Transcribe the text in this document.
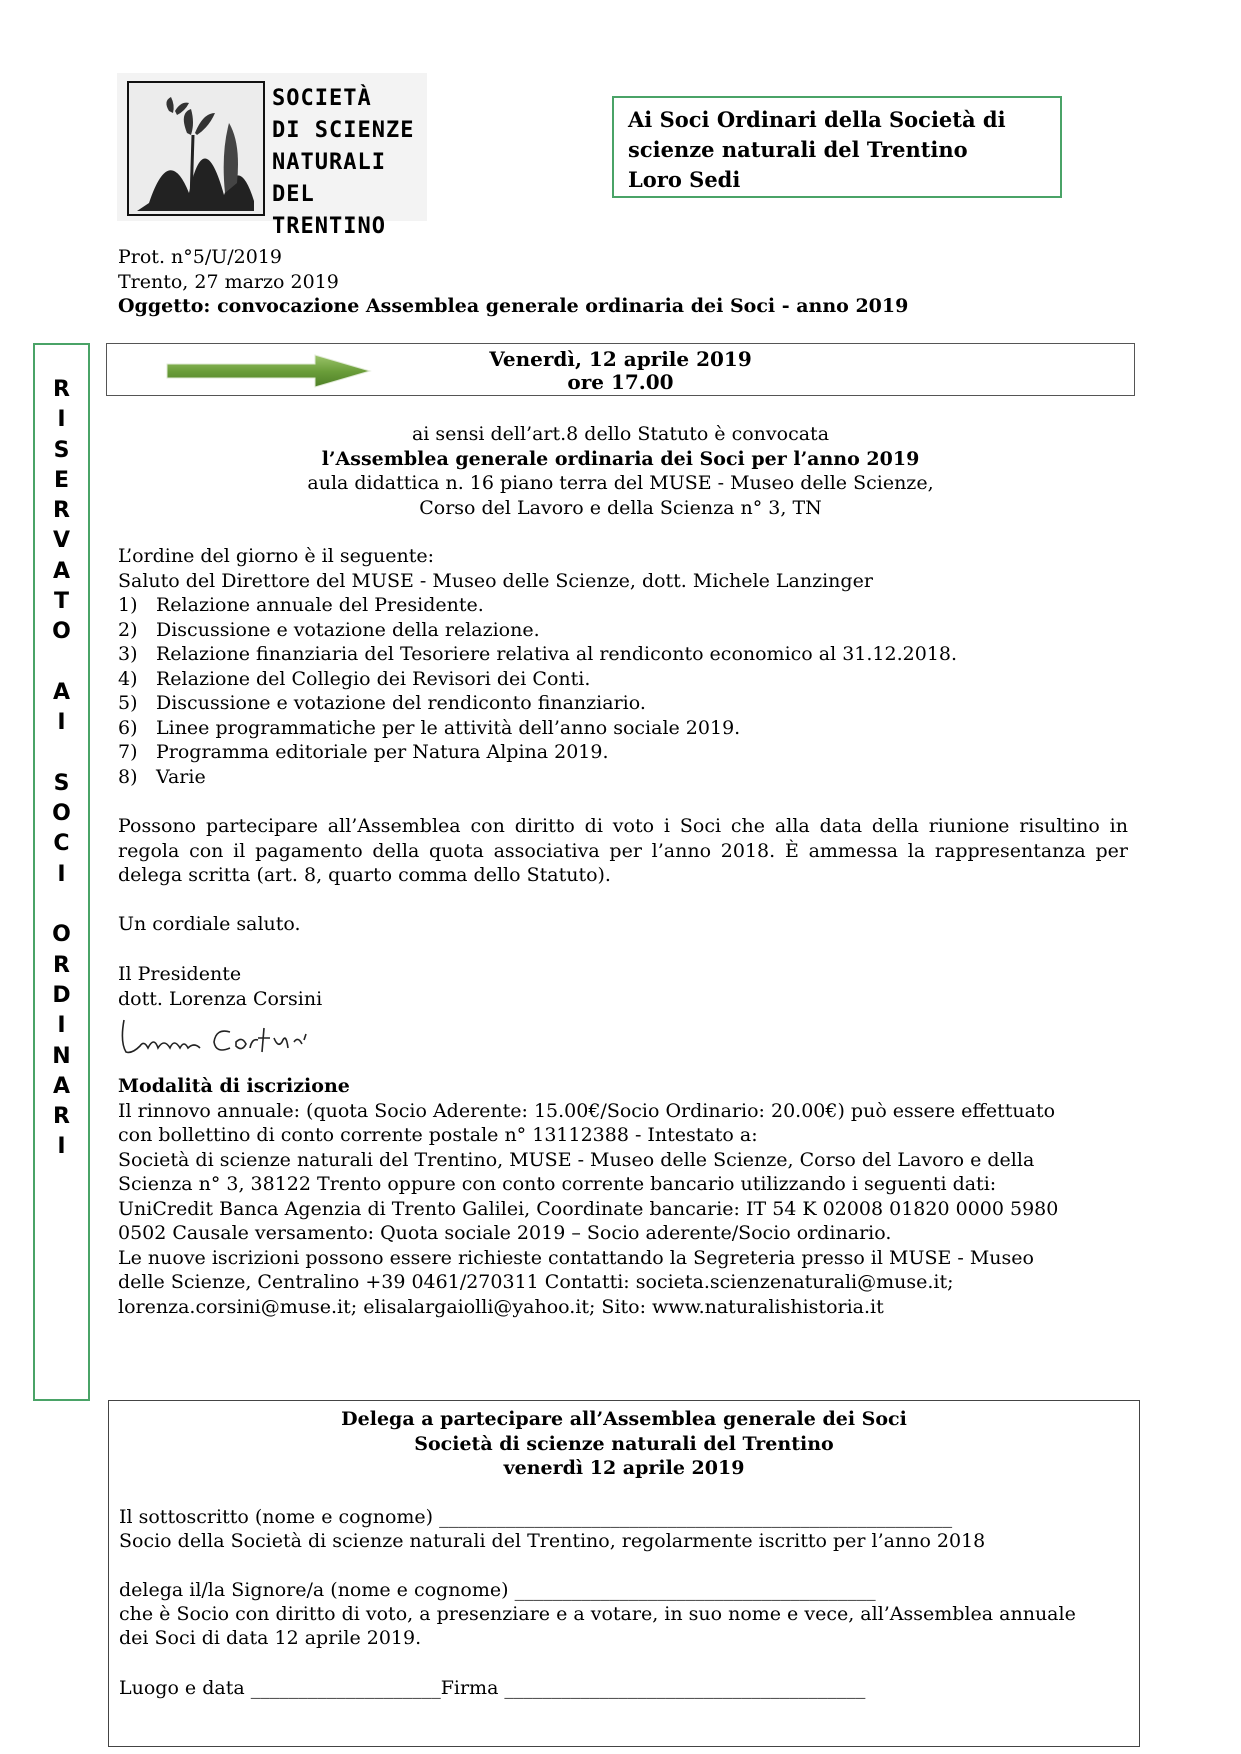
SOCIETÀ
DI SCIENZE
NATURALI
DEL TRENTINO
Ai Soci Ordinari della Società di
scienze naturali del Trentino
Loro Sedi
Prot. n°5/U/2019
Trento, 27 marzo 2019
Oggetto: convocazione Assemblea generale ordinaria dei Soci - anno 2019
R
I
S
E
R
V
A
T
O

A
I

S
O
C
I

O
R
D
I
N
A
R
I
Venerdì, 12 aprile 2019
ore 17.00
ai sensi dell’art.8 dello Statuto è convocata
l’Assemblea generale ordinaria dei Soci per l’anno 2019
aula didattica n. 16 piano terra del MUSE - Museo delle Scienze,
Corso del Lavoro e della Scienza n° 3, TN
L’ordine del giorno è il seguente:
Saluto del Direttore del MUSE - Museo delle Scienze, dott. Michele Lanzinger
1) Relazione annuale del Presidente.
2) Discussione e votazione della relazione.
3) Relazione finanziaria del Tesoriere relativa al rendiconto economico al 31.12.2018.
4) Relazione del Collegio dei Revisori dei Conti.
5) Discussione e votazione del rendiconto finanziario.
6) Linee programmatiche per le attività dell’anno sociale 2019.
7) Programma editoriale per Natura Alpina 2019.
8) Varie
Possono partecipare all’Assemblea con diritto di voto i Soci che alla data della riunione risultino in regola con il pagamento della quota associativa per l’anno 2018. È ammessa la rappresentanza per delega scritta (art. 8, quarto comma dello Statuto).
Un cordiale saluto.
Il Presidente
dott. Lorenza Corsini
Modalità di iscrizione
Il rinnovo annuale: (quota Socio Aderente: 15.00€/Socio Ordinario: 20.00€) può essere effettuato
con bollettino di conto corrente postale n° 13112388 - Intestato a:
Società di scienze naturali del Trentino, MUSE - Museo delle Scienze, Corso del Lavoro e della
Scienza n° 3, 38122 Trento oppure con conto corrente bancario utilizzando i seguenti dati:
UniCredit Banca Agenzia di Trento Galilei, Coordinate bancarie: IT 54 K 02008 01820 0000 5980
0502 Causale versamento: Quota sociale 2019 – Socio aderente/Socio ordinario.
Le nuove iscrizioni possono essere richieste contattando la Segreteria presso il MUSE - Museo
delle Scienze, Centralino +39 0461/270311 Contatti: societa.scienzenaturali@muse.it;
lorenza.corsini@muse.it; elisalargaiolli@yahoo.it; Sito: www.naturalishistoria.it
Delega a partecipare all’Assemblea generale dei Soci
Società di scienze naturali del Trentino
venerdì 12 aprile 2019
Il sottoscritto (nome e cognome) ______________________________________________________
Socio della Società di scienze naturali del Trentino, regolarmente iscritto per l’anno 2018
delega il/la Signore/a (nome e cognome) ______________________________________
che è Socio con diritto di voto, a presenziare e a votare, in suo nome e vece, all’Assemblea annuale
dei Soci di data 12 aprile 2019.
Luogo e data ____________________Firma ______________________________________
